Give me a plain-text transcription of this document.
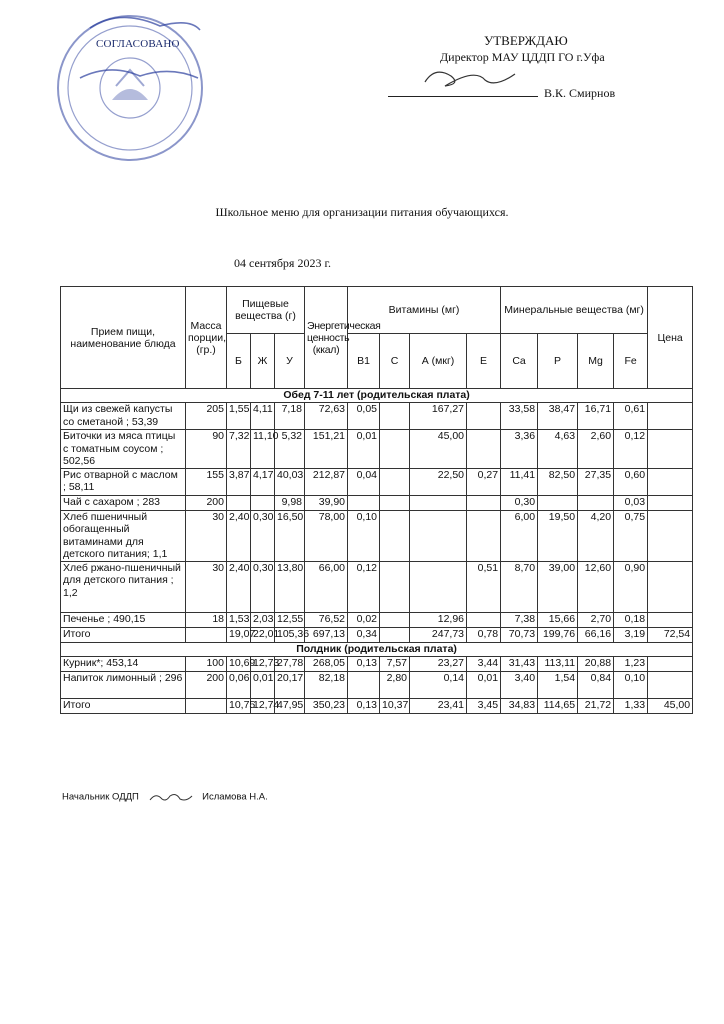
СОГЛАСОВАНО	УТВЕРЖДАЮ
Директор МАУ ЦДДП ГО г.Уфа
В.К. Смирнов
Школьное меню для организации питания обучающихся.
04 сентября 2023 г.
Прием пищи, наименование блюда	Масса порции, (гр.)	Пищевые вещества (г)			Энергетическая ценность (ккал)	Витамины (мг)				Минеральные вещества (мг)				Цена
		Б	Ж	У		B1	C	А (мкг)	Е	Ca	P	Mg	Fe	
Обед 7-11 лет (родительская плата)														
Щи из свежей капусты со сметаной ; 53,39	205	1,55	4,11	7,18	72,63	0,05		167,27		33,58	38,47	16,71	0,61	
Биточки из мяса птицы с томатным соусом ; 502,56	90	7,32	11,10	5,32	151,21	0,01		45,00		3,36	4,63	2,60	0,12	
Рис отварной с маслом ; 58,11	155	3,87	4,17	40,03	212,87	0,04		22,50	0,27	11,41	82,50	27,35	0,60	
Чай с сахаром ; 283	200			9,98	39,90					0,30			0,03	
Хлеб пшеничный обогащенный витаминами для детского питания; 1,1	30	2,40	0,30	16,50	78,00	0,10				6,00	19,50	4,20	0,75	
Хлеб ржано-пшеничный для детского питания ; 1,2	30	2,40	0,30	13,80	66,00	0,12			0,51	8,70	39,00	12,60	0,90	
Печенье ; 490,15	18	1,53	2,03	12,55	76,52	0,02		12,96		7,38	15,66	2,70	0,18	
Итого		19,07	22,01	105,36	697,13	0,34		247,73	0,78	70,73	199,76	66,16	3,19	72,54
Полдник (родительская плата)														
Курник*; 453,14	100	10,69	12,73	27,78	268,05	0,13	7,57	23,27	3,44	31,43	113,11	20,88	1,23	
Напиток лимонный ; 296	200	0,06	0,01	20,17	82,18		2,80	0,14	0,01	3,40	1,54	0,84	0,10	
Итого		10,75	12,74	47,95	350,23	0,13	10,37	23,41	3,45	34,83	114,65	21,72	1,33	45,00
Начальник ОДДП	Исламова Н.А.
